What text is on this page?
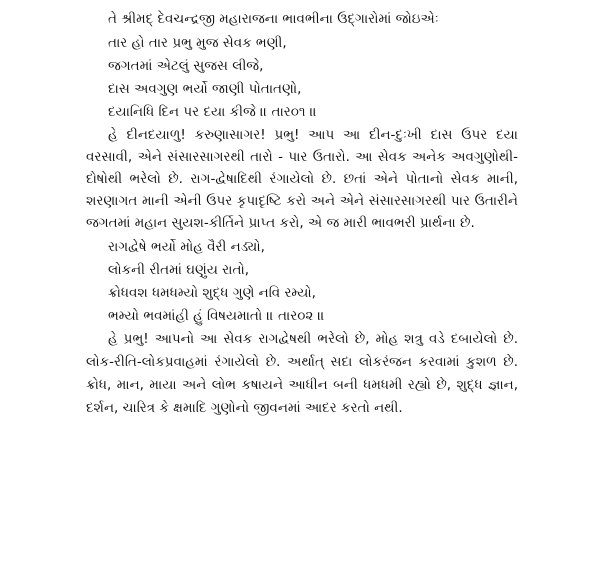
તે શ્રીમદ્ દેવચન્દ્રજી મહારાજના ભાવભીના ઉદ્ગારોમાં જોઇએઃ
તાર હો તાર પ્રભુ મુજ સેવક ભણી,
જગતમાં એટલું સુજસ લીજે,
દાસ અવગુણ ભર્યો જાણી પોતાતણો,
દયાનિધિ દિન પર દયા કીજે ॥ તાર૦૧ ॥
હે દીનદયાળુ! કરુણાસાગર! પ્રભુ! આપ આ દીન-દુઃખી દાસ ઉપર દયા
વરસાવી, એને સંસારસાગરથી તારો - પાર ઉતારો. આ સેવક અનેક અવગુણોથી-
દોષોથી ભરેલો છે. રાગ-દ્વેષાદિથી રંગાયેલો છે. છતાં એને પોતાનો સેવક માની,
શરણાગત માની એની ઉપર કૃપાદૃષ્ટિ કરો અને એને સંસારસાગરથી પાર ઉતારીને
જગતમાં મહાન સુયશ-કીર્તિને પ્રાપ્ત કરો, એ જ મારી ભાવભરી પ્રાર્થના છે.
રાગદ્વેષે ભર્યો મોહ વૈરી નડ્યો,
લોકની રીતમાં ઘણુંય રાતો,
ક્રોધવશ ધમધમ્યો શુદ્ધ ગુણે નવિ રમ્યો,
ભમ્યો ભવમાંહી હું વિષયમાતો ॥ તાર૦૨ ॥
હે પ્રભુ! આપનો આ સેવક રાગદ્વેષથી ભરેલો છે, મોહ શત્રુ વડે દબાયેલો છે.
લોક-રીતિ-લોકપ્રવાહમાં રંગાયેલો છે. અર્થાત્ સદા લોકરંજન કરવામાં કુશળ છે.
ક્રોધ, માન, માયા અને લોભ કષાયને આધીન બની ધમધમી રહ્યો છે, શુદ્ધ જ્ઞાન,
દર્શન, ચારિત્ર કે ક્ષમાદિ ગુણોનો જીવનમાં આદર કરતો નથી.
